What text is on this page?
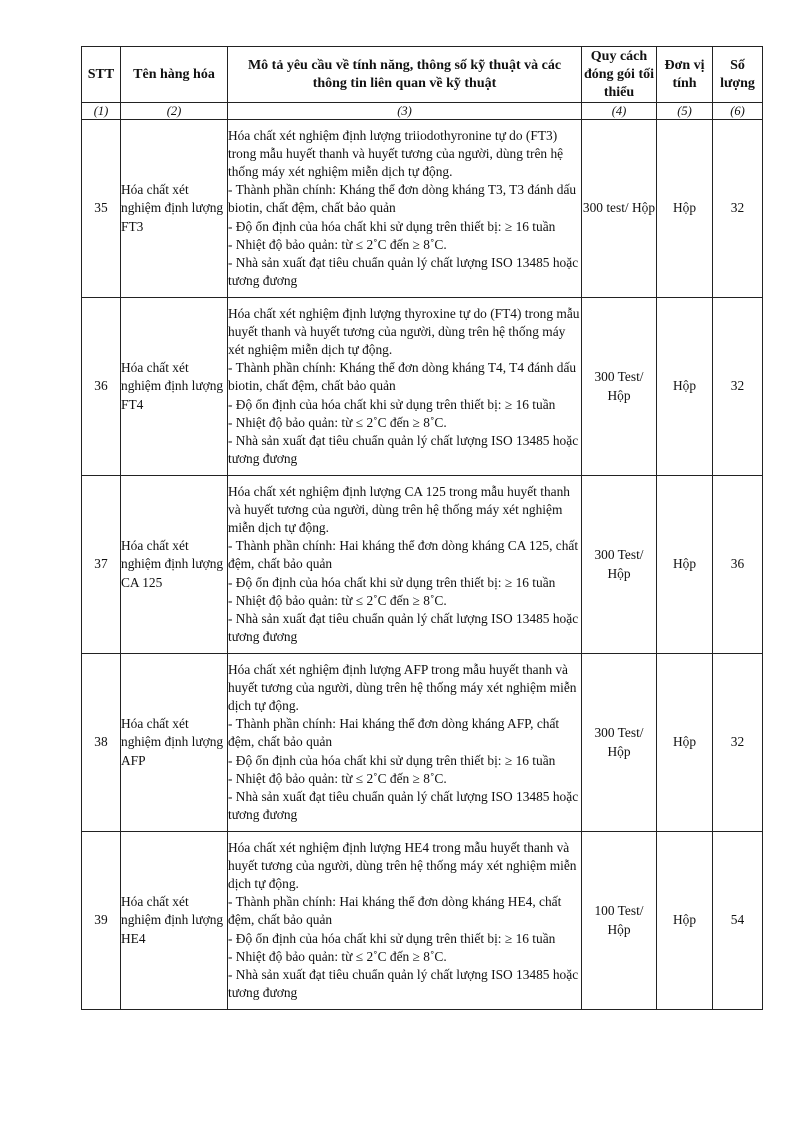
STT	Tên hàng hóa	Mô tả yêu cầu về tính năng, thông số kỹ thuật và các thông tin liên quan về kỹ thuật	Quy cách đóng gói tối thiểu	Đơn vị tính	Số lượng
(1)	(2)	(3)	(4)	(5)	(6)
35	Hóa chất xét nghiệm định lượng FT3	Hóa chất xét nghiệm định lượng triiodothyronine tự do (FT3) trong mẫu huyết thanh và huyết tương của người, dùng trên hệ thống máy xét nghiệm miễn dịch tự động.
- Thành phần chính: Kháng thể đơn dòng kháng T3, T3 đánh dấu biotin, chất đệm, chất bảo quản
- Độ ổn định của hóa chất khi sử dụng trên thiết bị: ≥ 16 tuần
- Nhiệt độ bảo quản: từ ≤ 2˚C đến ≥ 8˚C.
- Nhà sản xuất đạt tiêu chuẩn quản lý chất lượng ISO 13485 hoặc tương đương	300 test/ Hộp	Hộp	32
36	Hóa chất xét nghiệm định lượng FT4	Hóa chất xét nghiệm định lượng thyroxine tự do (FT4) trong mẫu huyết thanh và huyết tương của người, dùng trên hệ thống máy xét nghiệm miễn dịch tự động.
- Thành phần chính: Kháng thể đơn dòng kháng T4, T4 đánh dấu biotin, chất đệm, chất bảo quản
- Độ ổn định của hóa chất khi sử dụng trên thiết bị: ≥ 16 tuần
- Nhiệt độ bảo quản: từ ≤ 2˚C đến ≥ 8˚C.
- Nhà sản xuất đạt tiêu chuẩn quản lý chất lượng ISO 13485 hoặc tương đương	300 Test/ Hộp	Hộp	32
37	Hóa chất xét nghiệm định lượng CA 125	Hóa chất xét nghiệm định lượng CA 125 trong mẫu huyết thanh và huyết tương của người, dùng trên hệ thống máy xét nghiệm miễn dịch tự động.
- Thành phần chính: Hai kháng thể đơn dòng kháng CA 125, chất đệm, chất bảo quản
- Độ ổn định của hóa chất khi sử dụng trên thiết bị: ≥ 16 tuần
- Nhiệt độ bảo quản: từ ≤ 2˚C đến ≥ 8˚C.
- Nhà sản xuất đạt tiêu chuẩn quản lý chất lượng ISO 13485 hoặc tương đương	300 Test/ Hộp	Hộp	36
38	Hóa chất xét nghiệm định lượng AFP	Hóa chất xét nghiệm định lượng AFP trong mẫu huyết thanh và huyết tương của người, dùng trên hệ thống máy xét nghiệm miễn dịch tự động.
- Thành phần chính: Hai kháng thể đơn dòng kháng AFP, chất đệm, chất bảo quản
- Độ ổn định của hóa chất khi sử dụng trên thiết bị: ≥ 16 tuần
- Nhiệt độ bảo quản: từ ≤ 2˚C đến ≥ 8˚C.
- Nhà sản xuất đạt tiêu chuẩn quản lý chất lượng ISO 13485 hoặc tương đương	300 Test/ Hộp	Hộp	32
39	Hóa chất xét nghiệm định lượng HE4	Hóa chất xét nghiệm định lượng HE4 trong mẫu huyết thanh và huyết tương của người, dùng trên hệ thống máy xét nghiệm miễn dịch tự động.
- Thành phần chính: Hai kháng thể đơn dòng kháng HE4, chất đệm, chất bảo quản
- Độ ổn định của hóa chất khi sử dụng trên thiết bị: ≥ 16 tuần
- Nhiệt độ bảo quản: từ ≤ 2˚C đến ≥ 8˚C.
- Nhà sản xuất đạt tiêu chuẩn quản lý chất lượng ISO 13485 hoặc tương đương	100 Test/ Hộp	Hộp	54
